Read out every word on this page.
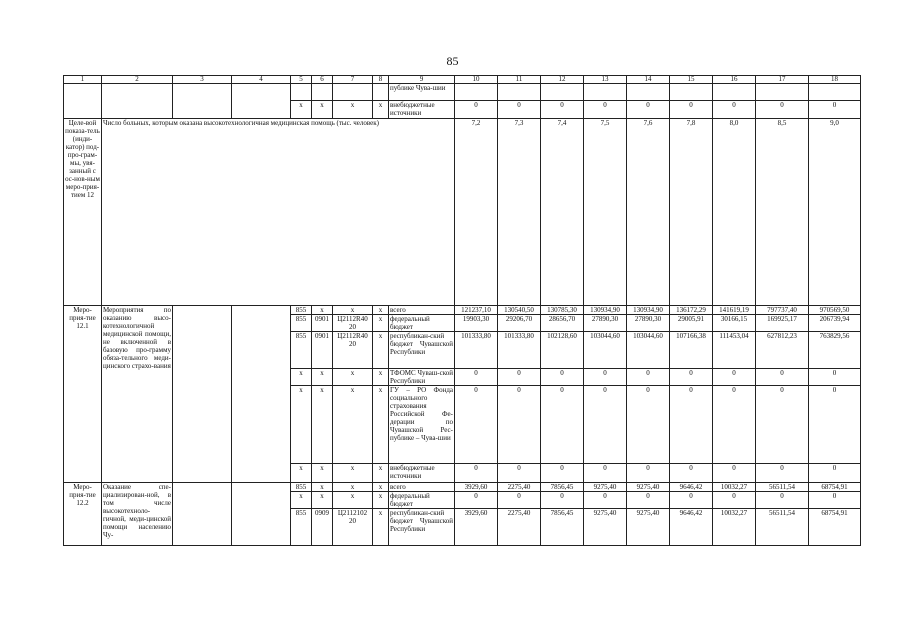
85
1	2	3	4	5	6	7	8	9	10	11	12	13	14	15	16	17	18
								публике Чува-шии									
				x	x	x	x	внебюджетные источники	0	0	0	0	0	0	0	0	0
Целе-вой показа-тель (инди-катор) под-про-грам-мы, увя-занный с ос-нов-ным меро-прия-тием 12	Число больных, которым оказана высокотехнологичная медицинская помощь (тыс. человек)								7,2	7,3	7,4	7,5	7,6	7,8	8,0	8,5	9,0
Меро-прия-тие 12.1	Мероприятия по оказанию высо-котехнологичной медицинской помощи, не включенной в базовую про-грамму обяза-тельного меди-цинского страхо-вания			855	x	x	x	всего	121237,10	130540,50	130785,30	130934,90	130934,90	136172,29	141619,19	797737,40	970569,50
				855	0901	Ц2112R40 20	x	федеральный бюджет	19903,30	29206,70	28656,70	27890,30	27890,30	29005,91	30166,15	169925,17	206739,94
				855	0901	Ц2112R40 20	x	республикан-ский бюджет Чувашской Республики	101333,80	101333,80	102128,60	103044,60	103044,60	107166,38	111453,04	627812,23	763829,56
				x	x	x	x	ТФОМС Чуваш-ской Республики	0	0	0	0	0	0	0	0	0
				x	x	x	x	ГУ – РО Фонда социального страхования Российской Фе-дерации по Чувашской Рес-публике – Чува-шии	0	0	0	0	0	0	0	0	0
				x	x	x	x	внебюджетные источники	0	0	0	0	0	0	0	0	0
Меро-прия-тие 12.2	Оказание спе-циализирован-ной, в том числе высокотехноло-гичной, меди-цинской помощи населению Чу-			855	x	x	x	всего	3929,60	2275,40	7856,45	9275,40	9275,40	9646,42	10032,27	56511,54	68754,91
				x	x	x	x	федеральный бюджет	0	0	0	0	0	0	0	0	0
				855	0909	Ц2112102 20	x	республикан-ский бюджет Чувашской Республики	3929,60	2275,40	7856,45	9275,40	9275,40	9646,42	10032,27	56511,54	68754,91
